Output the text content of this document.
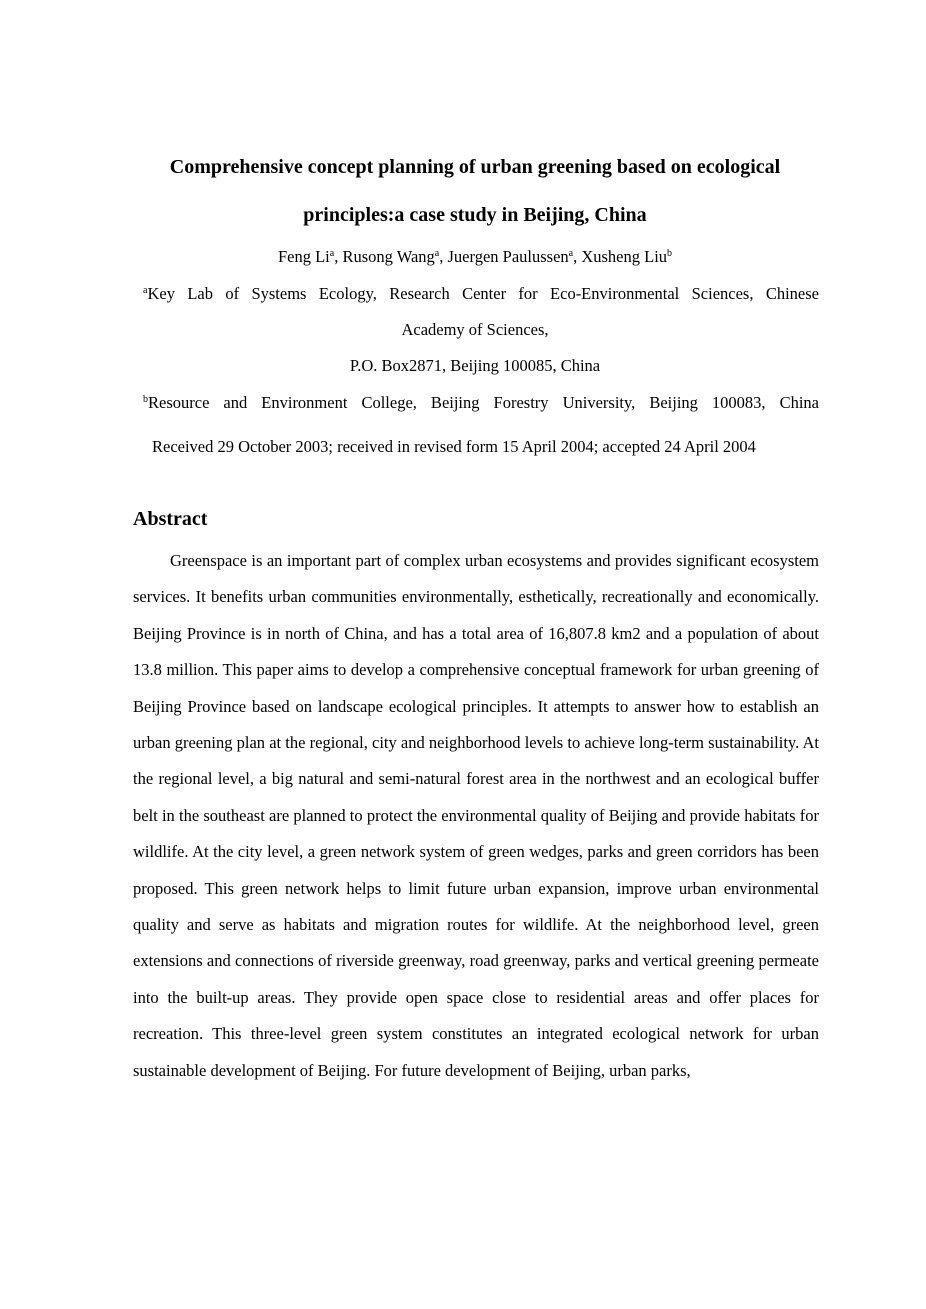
Comprehensive concept planning of urban greening based on ecological
principles:a case study in Beijing, China
Feng Li$^a$, Rusong Wang$^a$, Juergen Paulussen$^a$, Xusheng Liu$^b$
$^a$Key Lab of Systems Ecology, Research Center for Eco-Environmental Sciences, Chinese
Academy of Sciences,
P.O. Box2871, Beijing 100085, China
$^b$Resource and Environment College, Beijing Forestry University, Beijing 100083, China
Received 29 October 2003; received in revised form 15 April 2004; accepted 24 April 2004
Abstract

Greenspace is an important part of complex urban ecosystems and provides significant ecosystem services. It benefits urban communities environmentally, esthetically, recreationally and economically. Beijing Province is in north of China, and has a total area of 16,807.8 km2 and a population of about 13.8 million. This paper aims to develop a comprehensive conceptual framework for urban greening of Beijing Province based on landscape ecological principles. It attempts to answer how to establish an urban greening plan at the regional, city and neighborhood levels to achieve long-term sustainability. At the regional level, a big natural and semi-natural forest area in the northwest and an ecological buffer belt in the southeast are planned to protect the environmental quality of Beijing and provide habitats for wildlife. At the city level, a green network system of green wedges, parks and green corridors has been proposed. This green network helps to limit future urban expansion, improve urban environmental quality and serve as habitats and migration routes for wildlife. At the neighborhood level, green extensions and connections of riverside greenway, road greenway, parks and vertical greening permeate into the built-up areas. They provide open space close to residential areas and offer places for recreation. This three-level green system constitutes an integrated ecological network for urban sustainable development of Beijing. For future development of Beijing, urban parks,
